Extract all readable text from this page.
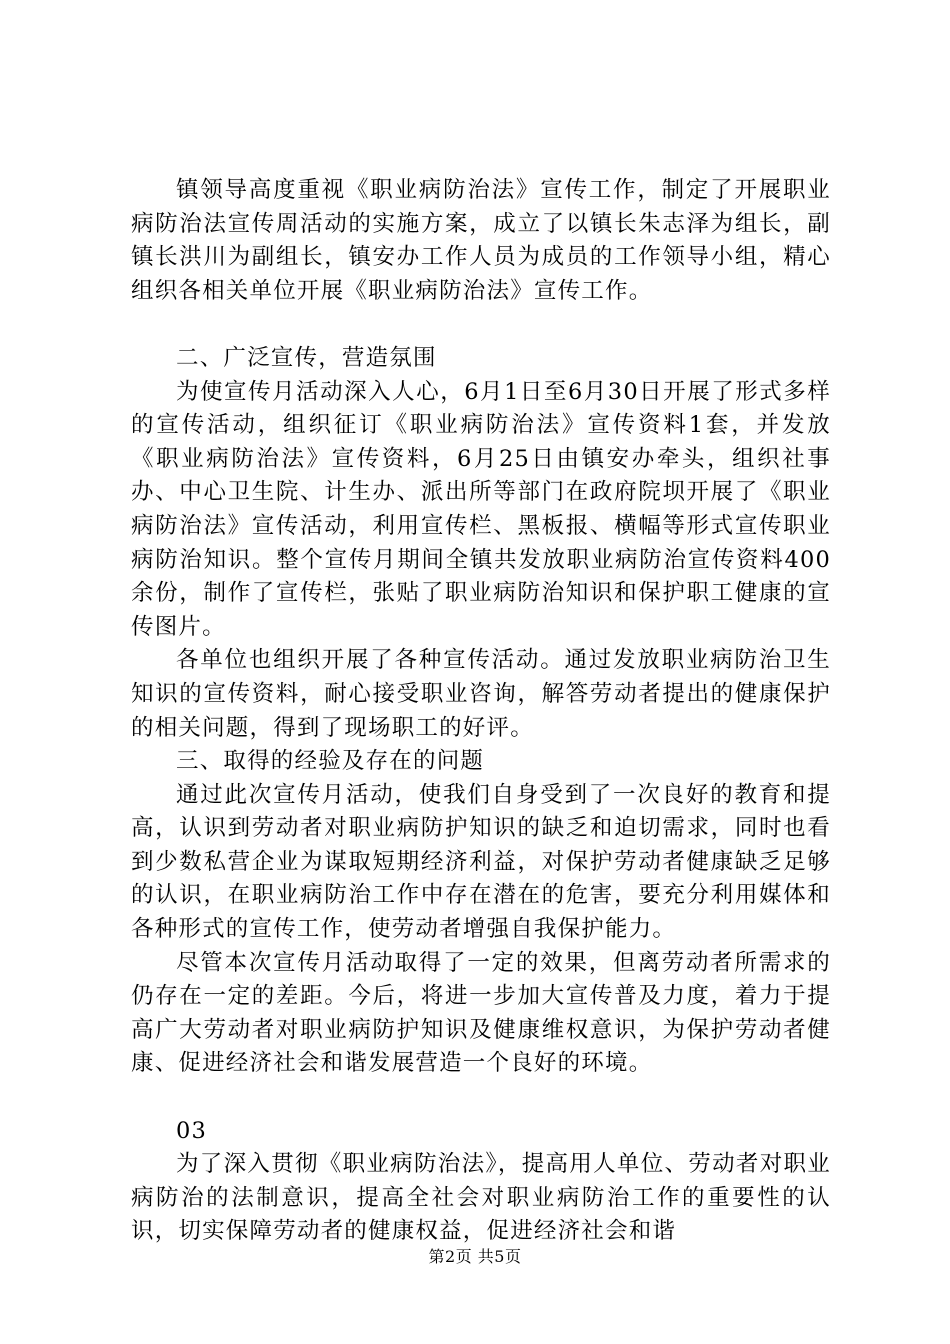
镇领导高度重视《职业病防治法》宣传工作，制定了开展职业病防治法宣传周活动的实施方案，成立了以镇长朱志泽为组长，副镇长洪川为副组长，镇安办工作人员为成员的工作领导小组，精心组织各相关单位开展《职业病防治法》宣传工作。

二、广泛宣传，营造氛围

为使宣传月活动深入人心，6月1日至6月30日开展了形式多样的宣传活动，组织征订《职业病防治法》宣传资料1套，并发放《职业病防治法》宣传资料，6月25日由镇安办牵头，组织社事办、中心卫生院、计生办、派出所等部门在政府院坝开展了《职业病防治法》宣传活动，利用宣传栏、黑板报、横幅等形式宣传职业病防治知识。整个宣传月期间全镇共发放职业病防治宣传资料400余份，制作了宣传栏，张贴了职业病防治知识和保护职工健康的宣传图片。

各单位也组织开展了各种宣传活动。通过发放职业病防治卫生知识的宣传资料，耐心接受职业咨询，解答劳动者提出的健康保护的相关问题，得到了现场职工的好评。

三、取得的经验及存在的问题

通过此次宣传月活动，使我们自身受到了一次良好的教育和提高，认识到劳动者对职业病防护知识的缺乏和迫切需求，同时也看到少数私营企业为谋取短期经济利益，对保护劳动者健康缺乏足够的认识，在职业病防治工作中存在潜在的危害，要充分利用媒体和各种形式的宣传工作，使劳动者增强自我保护能力。

尽管本次宣传月活动取得了一定的效果，但离劳动者所需求的仍存在一定的差距。今后，将进一步加大宣传普及力度，着力于提高广大劳动者对职业病防护知识及健康维权意识，为保护劳动者健康、促进经济社会和谐发展营造一个良好的环境。

03

为了深入贯彻《职业病防治法》，提高用人单位、劳动者对职业病防治的法制意识，提高全社会对职业病防治工作的重要性的认识，切实保障劳动者的健康权益，促进经济社会和谐

第2页 共5页
